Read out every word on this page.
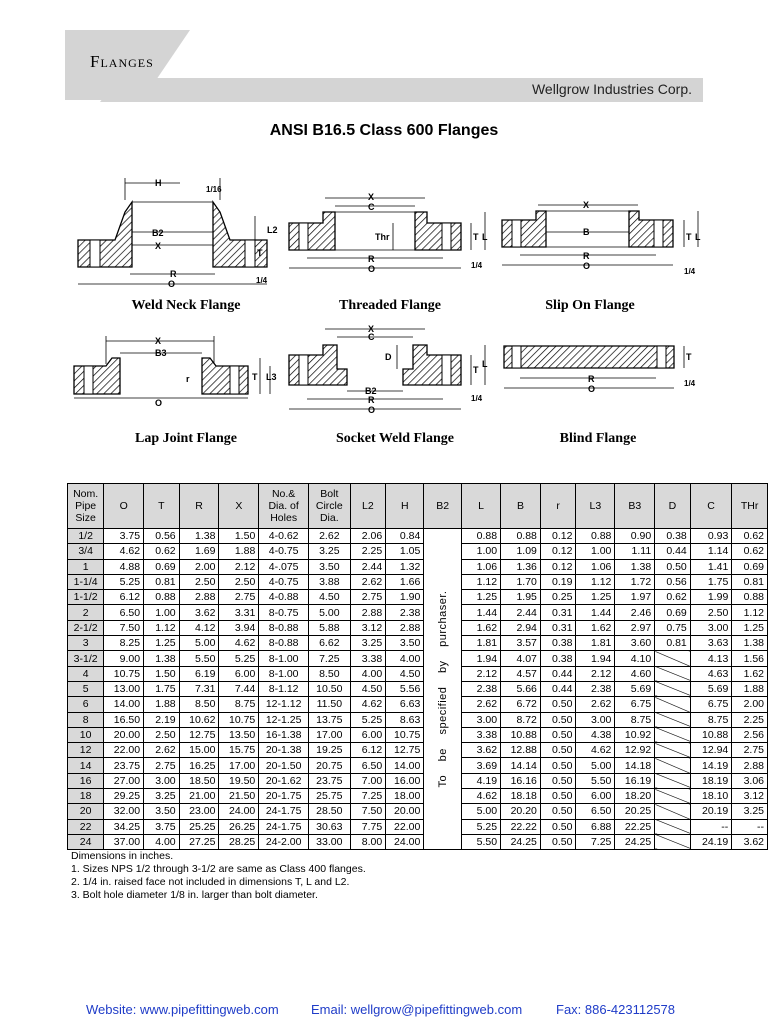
Flanges
Wellgrow Industries Corp.
ANSI B16.5 Class 600 Flanges
H
1/16
B2
X
L2
T
R
O	1/4
Weld Neck Flange
X
C
Thr	T L
R
O	1/4
Threaded Flange
X
B	T L
R
O
1/4
Slip On Flange
X
B3
r	L3
T
O
Lap Joint Flange
X
C
D
T
L
B2
R
O
1/4
Socket Weld Flange
T
R
O
1/4
Blind Flange
Nom.
Pipe
Size	O	T	R	X	No.&
Dia. of
Holes	Bolt
Circle
Dia.	L2	H	B2	L	B	r	L3	B3	D	C	THr
1/2	3.75	0.56	1.38	1.50	4-0.62	2.62	2.06	0.84	To be specified by purchaser.	0.88	0.88	0.12	0.88	0.90	0.38	0.93	0.62
3/4	4.62	0.62	1.69	1.88	4-0.75	3.25	2.25	1.05		1.00	1.09	0.12	1.00	1.11	0.44	1.14	0.62
1	4.88	0.69	2.00	2.12	4-.075	3.50	2.44	1.32		1.06	1.36	0.12	1.06	1.38	0.50	1.41	0.69
1-1/4	5.25	0.81	2.50	2.50	4-0.75	3.88	2.62	1.66		1.12	1.70	0.19	1.12	1.72	0.56	1.75	0.81
1-1/2	6.12	0.88	2.88	2.75	4-0.88	4.50	2.75	1.90		1.25	1.95	0.25	1.25	1.97	0.62	1.99	0.88
2	6.50	1.00	3.62	3.31	8-0.75	5.00	2.88	2.38		1.44	2.44	0.31	1.44	2.46	0.69	2.50	1.12
2-1/2	7.50	1.12	4.12	3.94	8-0.88	5.88	3.12	2.88		1.62	2.94	0.31	1.62	2.97	0.75	3.00	1.25
3	8.25	1.25	5.00	4.62	8-0.88	6.62	3.25	3.50		1.81	3.57	0.38	1.81	3.60	0.81	3.63	1.38
3-1/2	9.00	1.38	5.50	5.25	8-1.00	7.25	3.38	4.00		1.94	4.07	0.38	1.94	4.10		4.13	1.56
4	10.75	1.50	6.19	6.00	8-1.00	8.50	4.00	4.50		2.12	4.57	0.44	2.12	4.60		4.63	1.62
5	13.00	1.75	7.31	7.44	8-1.12	10.50	4.50	5.56		2.38	5.66	0.44	2.38	5.69		5.69	1.88
6	14.00	1.88	8.50	8.75	12-1.12	11.50	4.62	6.63		2.62	6.72	0.50	2.62	6.75		6.75	2.00
8	16.50	2.19	10.62	10.75	12-1.25	13.75	5.25	8.63		3.00	8.72	0.50	3.00	8.75		8.75	2.25
10	20.00	2.50	12.75	13.50	16-1.38	17.00	6.00	10.75		3.38	10.88	0.50	4.38	10.92		10.88	2.56
12	22.00	2.62	15.00	15.75	20-1.38	19.25	6.12	12.75		3.62	12.88	0.50	4.62	12.92		12.94	2.75
14	23.75	2.75	16.25	17.00	20-1.50	20.75	6.50	14.00		3.69	14.14	0.50	5.00	14.18		14.19	2.88
16	27.00	3.00	18.50	19.50	20-1.62	23.75	7.00	16.00		4.19	16.16	0.50	5.50	16.19		18.19	3.06
18	29.25	3.25	21.00	21.50	20-1.75	25.75	7.25	18.00		4.62	18.18	0.50	6.00	18.20		18.10	3.12
20	32.00	3.50	23.00	24.00	24-1.75	28.50	7.50	20.00		5.00	20.20	0.50	6.50	20.25		20.19	3.25
22	34.25	3.75	25.25	26.25	24-1.75	30.63	7.75	22.00		5.25	22.22	0.50	6.88	22.25		--	--
24	37.00	4.00	27.25	28.25	24-2.00	33.00	8.00	24.00		5.50	24.25	0.50	7.25	24.25		24.19	3.62
Dimensions in inches.
1. Sizes NPS 1/2 through 3-1/2 are same as Class 400 flanges.
2. 1/4 in. raised face not included in dimensions T, L and L2.
3. Bolt hole diameter 1/8 in. larger than bolt diameter.
Website: www.pipefittingweb.com Email: wellgrow@pipefittingweb.com	Fax: 886-423112578
